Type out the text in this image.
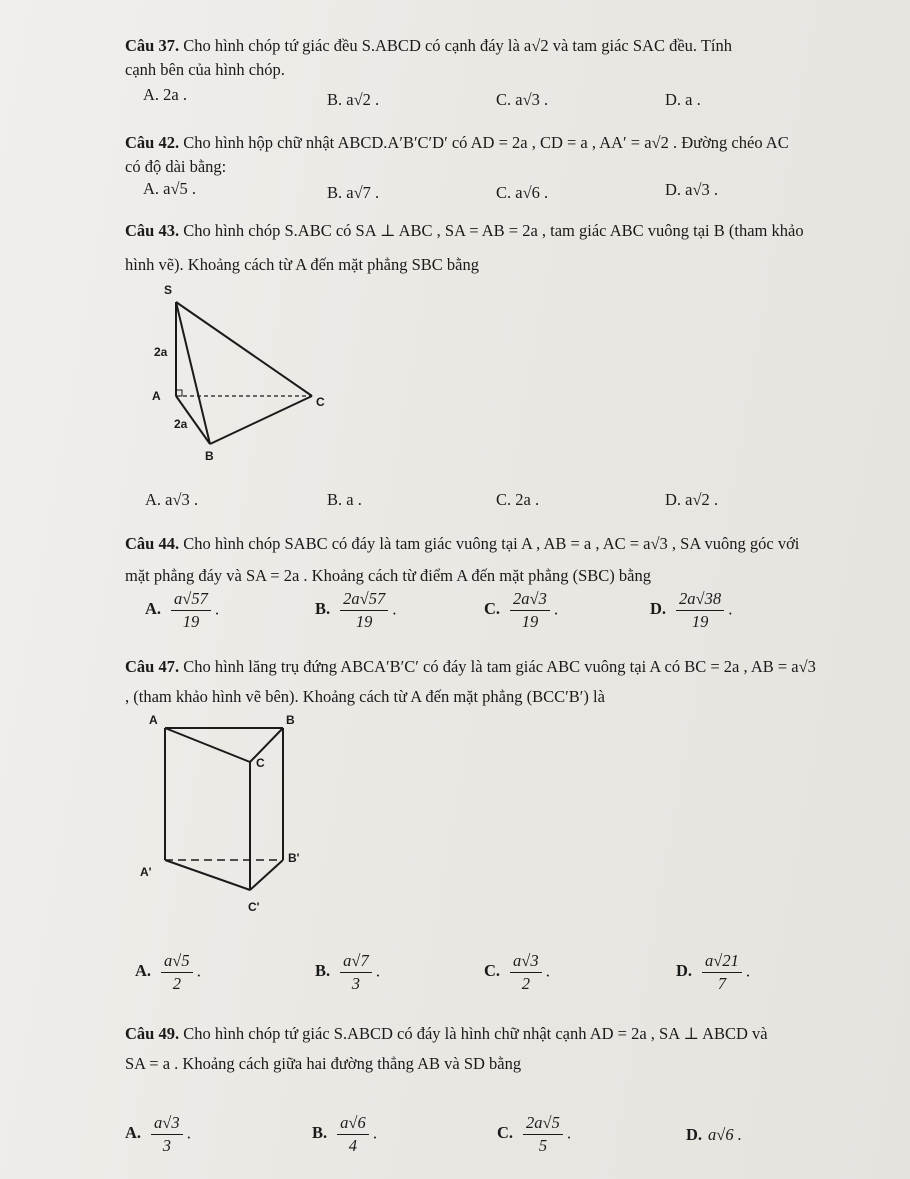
Câu 37. Cho hình chóp tứ giác đều S.ABCD có cạnh đáy là a√2 và tam giác SAC đều. Tính
cạnh bên của hình chóp.
A. 2a .	B. a√2 .	C. a√3 .	D. a .
Câu 42. Cho hình hộp chữ nhật ABCD.A′B′C′D′ có AD = 2a , CD = a , AA′ = a√2 . Đường chéo AC
có độ dài bằng:
A. a√5 .	B. a√7 .	C. a√6 .	D. a√3 .
Câu 43. Cho hình chóp S.ABC có SA ⊥ ABC , SA = AB = 2a , tam giác ABC vuông tại B (tham khảo
hình vẽ). Khoảng cách từ A đến mặt phẳng SBC bằng
S
2a
A
2a
C
B
A. a√3 .	B. a .	C. 2a .	D. a√2 .
Câu 44. Cho hình chóp SABC có đáy là tam giác vuông tại A , AB = a , AC = a√3 , SA vuông góc với
mặt phẳng đáy và SA = 2a . Khoảng cách từ điểm A đến mặt phẳng (SBC) bằng
A. $\frac{a√57}{19}$ .	B. $\frac{2a√57}{19}$ .	C. $\frac{2a√3}{19}$ .	D. $\frac{2a√38}{19}$ .
Câu 47. Cho hình lăng trụ đứng ABCA′B′C′ có đáy là tam giác ABC vuông tại A có BC = 2a , AB = a√3
, (tham khảo hình vẽ bên). Khoảng cách từ A đến mặt phẳng (BCC′B′) là
A	B
C
A'
B'
C'
A. $\frac{a√5}{2}$ .	B. $\frac{a√7}{3}$ .	C. $\frac{a√3}{2}$ .	D. $\frac{a√21}{7}$ .
Câu 49. Cho hình chóp tứ giác S.ABCD có đáy là hình chữ nhật cạnh AD = 2a , SA ⊥ ABCD và
SA = a . Khoảng cách giữa hai đường thẳng AB và SD bằng
A. $\frac{a√3}{3}$ .	B. $\frac{a√6}{4}$ .	C. $\frac{2a√5}{5}$ .	D. a√6 .
